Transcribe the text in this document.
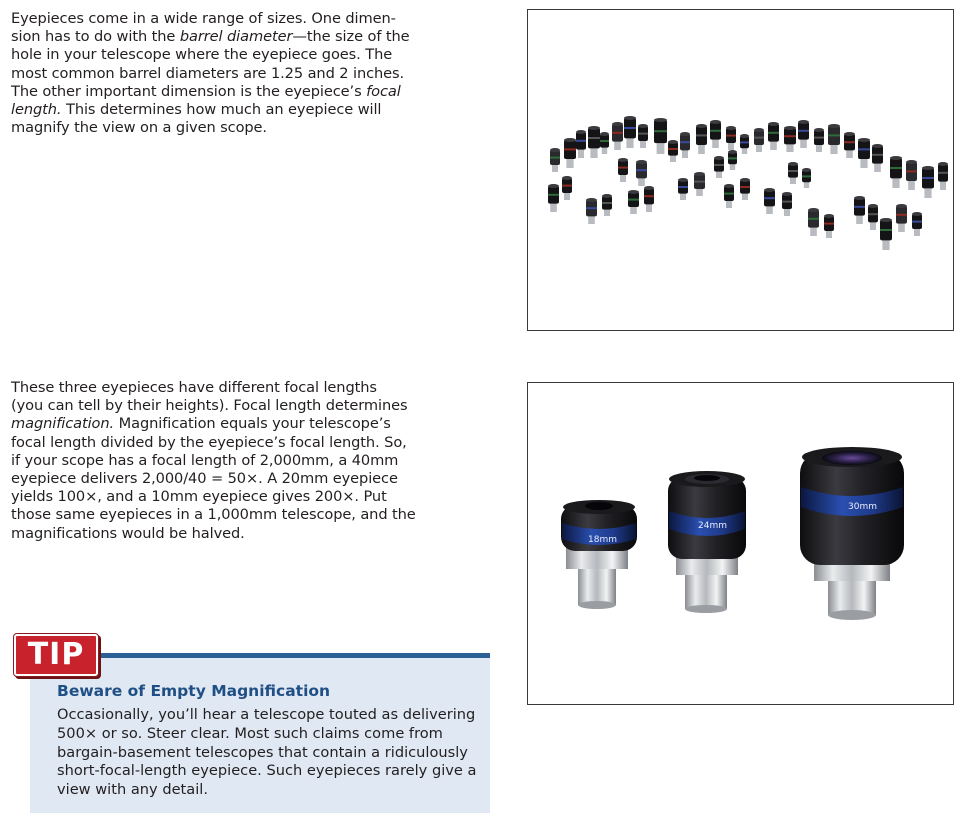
Eyepieces come in a wide range of sizes. One dimen-
sion has to do with the barrel diameter—the size of the
hole in your telescope where the eyepiece goes. The
most common barrel diameters are 1.25 and 2 inches.
The other important dimension is the eyepiece’s focal
length. This determines how much an eyepiece will
magnify the view on a given scope.
These three eyepieces have different focal lengths
(you can tell by their heights). Focal length determines
magnification. Magnification equals your telescope’s
focal length divided by the eyepiece’s focal length. So,
if your scope has a focal length of 2,000mm, a 40mm
eyepiece delivers 2,000/40 = 50×. A 20mm eyepiece
yields 100×, and a 10mm eyepiece gives 200×. Put
those same eyepieces in a 1,000mm telescope, and the
magnifications would be halved.	18mm
24mm
30mm
TIP

Beware of Empty Magnification

Occasionally, you’ll hear a telescope touted as delivering
500× or so. Steer clear. Most such claims come from
bargain-basement telescopes that contain a ridiculously
short-focal-length eyepiece. Such eyepieces rarely give a
view with any detail.
